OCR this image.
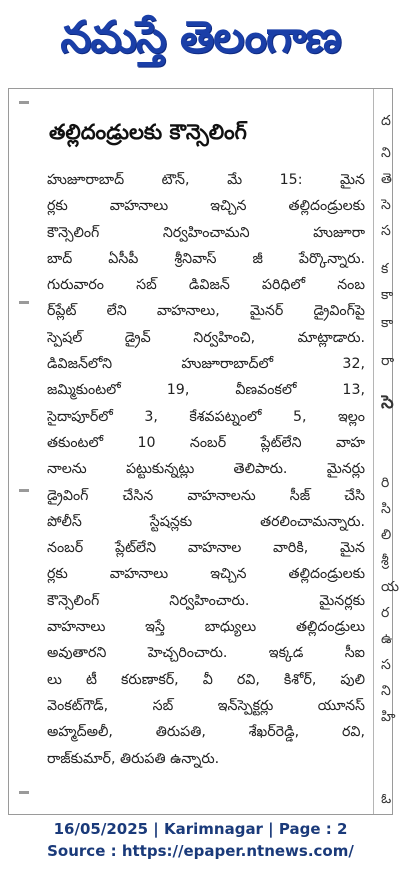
నమస్తే తెలంగాణ
తల్లిదండ్రులకు కౌన్సెలింగ్
హుజూరాబాద్ టౌన్, మే 15: మైన
ర్లకు వాహనాలు ఇచ్చిన తల్లిదండ్రులకు
కౌన్సెలింగ్ నిర్వహించామని హుజూరా
బాద్ ఏసీపీ శ్రీనివాస్ జీ పేర్కొన్నారు.
గురువారం సబ్ డివిజన్ పరిధిలో నంబ
ర్‌ప్లేట్ లేని వాహనాలు, మైనర్ డ్రైవింగ్‌పై
స్పెషల్ డ్రైవ్ నిర్వహించి, మాట్లాడారు.
డివిజన్‌లోని హుజూరాబాద్‌లో 32,
జమ్మికుంటలో 19, వీణవంకలో 13,
సైదాపూర్‌లో 3, కేశవపట్నంలో 5, ఇల్లం
తకుంటలో 10 నంబర్ ప్లేట్‌లేని వాహ
నాలను పట్టుకున్నట్లు తెలిపారు. మైనర్లు
డ్రైవింగ్ చేసిన వాహనాలను సీజ్ చేసి
పోలీస్ స్టేషన్లకు తరలించామన్నారు.
నంబర్ ప్లేట్‌లేని వాహనాల వారికి, మైన
ర్లకు వాహనాలు ఇచ్చిన తల్లిదండ్రులకు
కౌన్సెలింగ్ నిర్వహించారు. మైనర్లకు
వాహనాలు ఇస్తే బాధ్యులు తల్లిదండ్రులు
అవుతారని హెచ్చరించారు. ఇక్కడ సీఐ
లు టీ కరుణాకర్, వీ రవి, కిశోర్, పులి
వెంకట్‌గౌడ్, సబ్ ఇన్‌స్పెక్టర్లు యూనస్
అహ్మద్‌అలీ, తిరుపతి, శేఖర్‌రెడ్డి, రవి,
రాజ్‌కుమార్, తిరుపతి ఉన్నారు.
ద
ని
తె
సె
స
క
కా
కా
రా
సె
రి
సి
లి
శ్రీ
య
ర
ఉ
స
ని
హి
ఓ
16/05/2025 | Karimnagar | Page : 2
Source : https://epaper.ntnews.com/
